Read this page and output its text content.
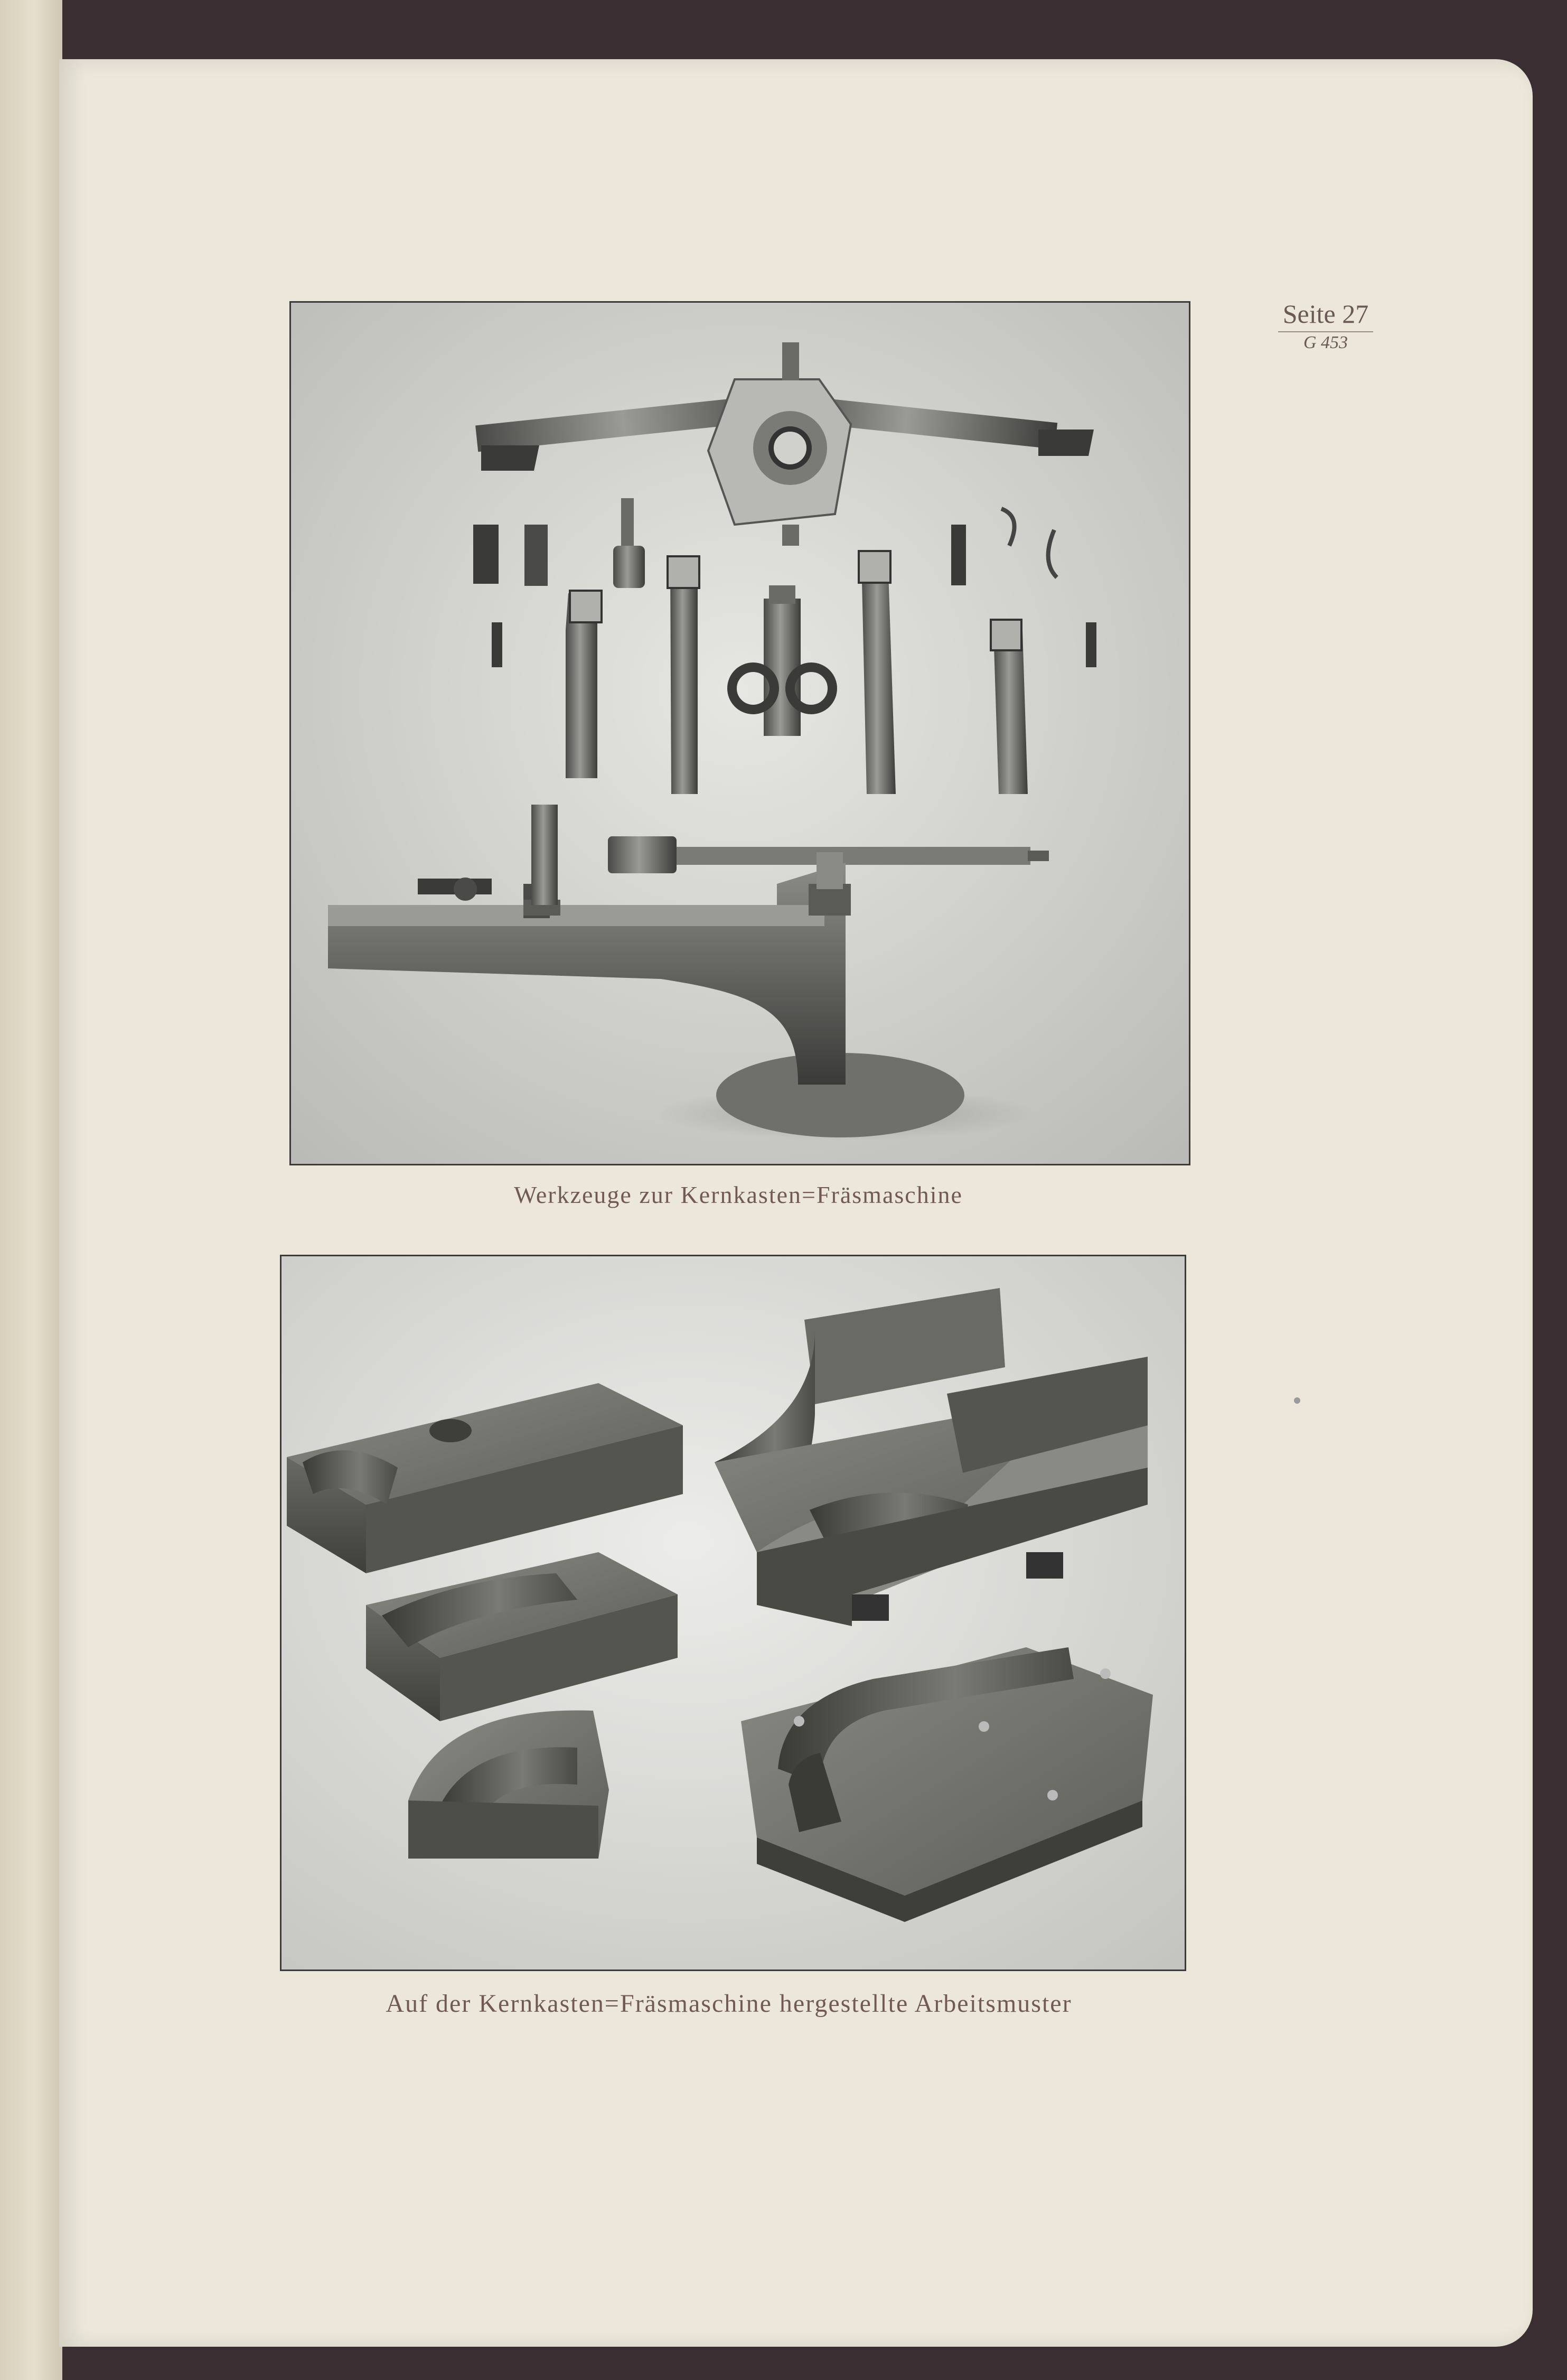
Seite 27
G 453
Werkzeuge zur Kernkasten=Fräsmaschine
Auf der Kernkasten=Fräsmaschine hergestellte Arbeitsmuster
